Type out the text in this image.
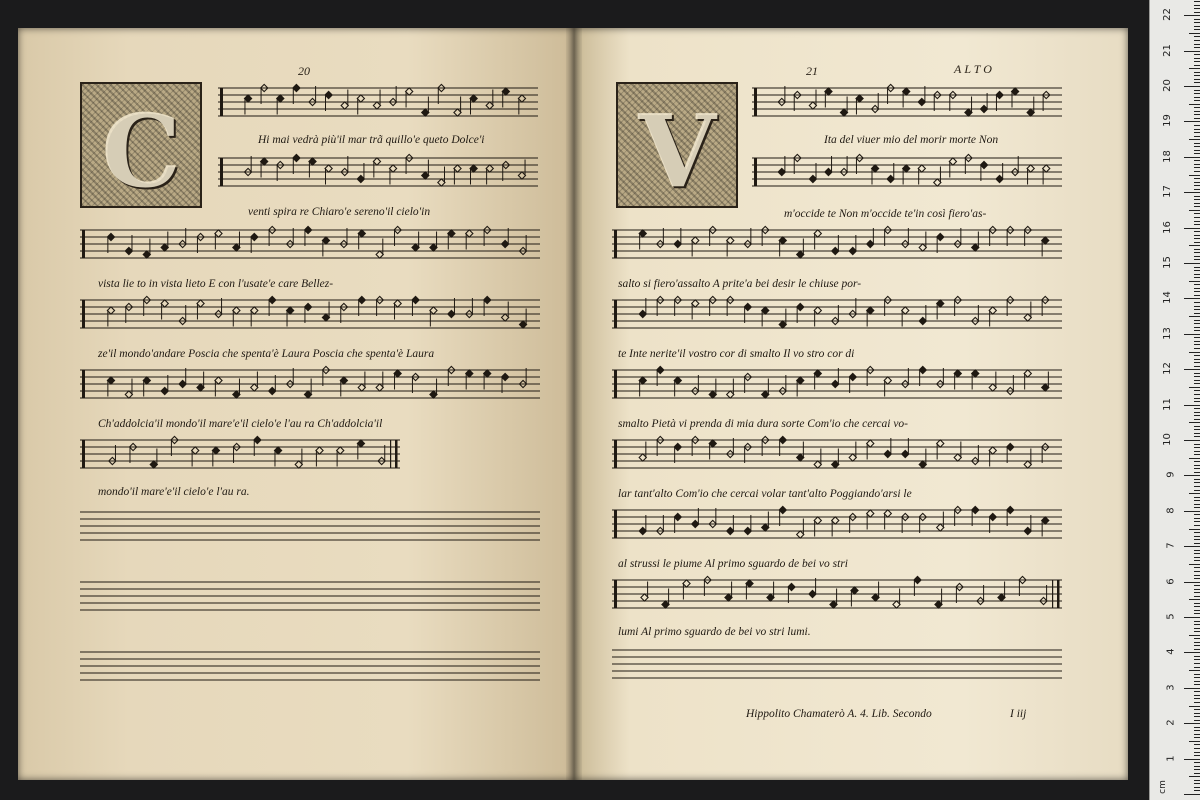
20
C	Hi mai vedrà più'il mar trã quillo'e queto Dolce'i
venti spira re Chiaro'e sereno'il cielo'in
vista lie to in vista lieto E con l'usate'e care Bellez-
ze'il mondo'andare Poscia che spenta'è Laura Poscia che spenta'è Laura
Ch'addolcia'il mondo'il mare'e'il cielo'e l'au ra Ch'addolcia'il
mondo'il mare'e'il cielo'e l'au ra.
21	ALTO
V	Ita del viuer mio del morir morte Non
m'occide te Non m'occide te'in così fiero'as-
salto si fiero'assalto A prite'a bei desir le chiuse por-
te Inte nerite'il vostro cor di smalto Il vo stro cor di
smalto Pietà vi prenda di mia dura sorte Com'io che cercai vo-
lar tant'alto Com'io che cercai volar tant'alto Poggiando'arsi le
al strussi le piume Al primo sguardo de bei vo stri
lumi Al primo sguardo de bei vo stri lumi.
Hippolito Chamaterò A. 4. Lib. Secondo	I iij
cm
1
2
3
4
5
6
7
8
9
10
11
12
13
14
15
16
17
18
19
20
21
22
